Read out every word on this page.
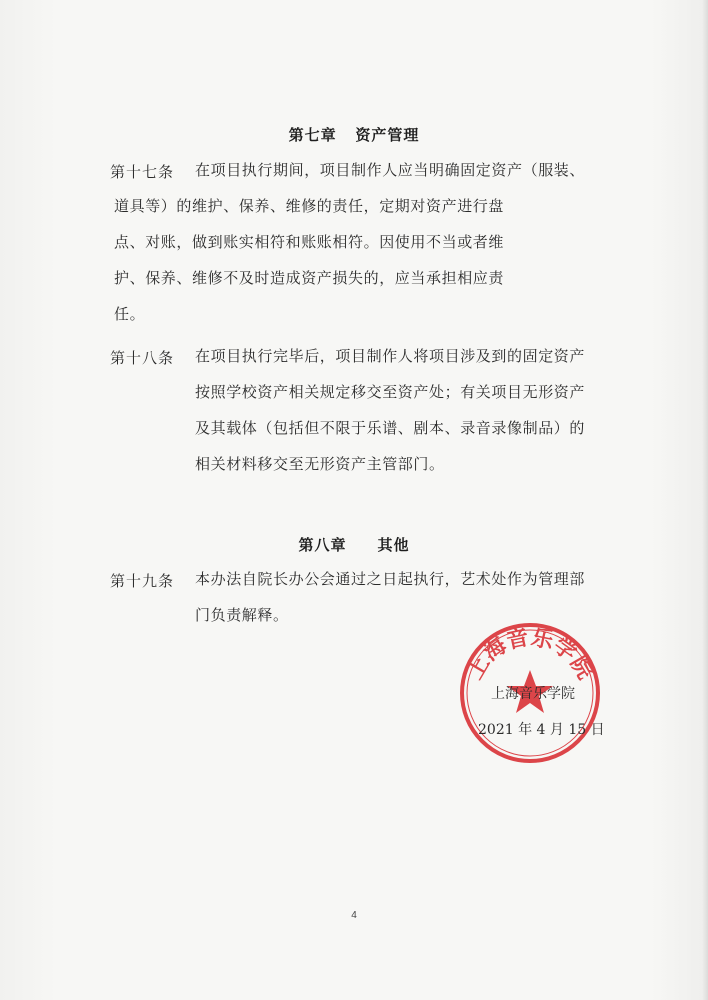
第七章   资产管理
第十七条 在项目执行期间，项目制作人应当明确固定资产（服装、
道具等）的维护、保养、维修的责任，定期对资产进行盘
点、对账，做到账实相符和账账相符。因使用不当或者维
护、保养、维修不及时造成资产损失的，应当承担相应责
任。
第十八条 在项目执行完毕后，项目制作人将项目涉及到的固定资产
按照学校资产相关规定移交至资产处；有关项目无形资产
及其载体（包括但不限于乐谱、剧本、录音录像制品）的
相关材料移交至无形资产主管部门。
第八章     其他
第十九条 本办法自院长办公会通过之日起执行，艺术处作为管理部
门负责解释。
上海音乐学院
上海音乐学院
2021 年 4 月 15 日
4
